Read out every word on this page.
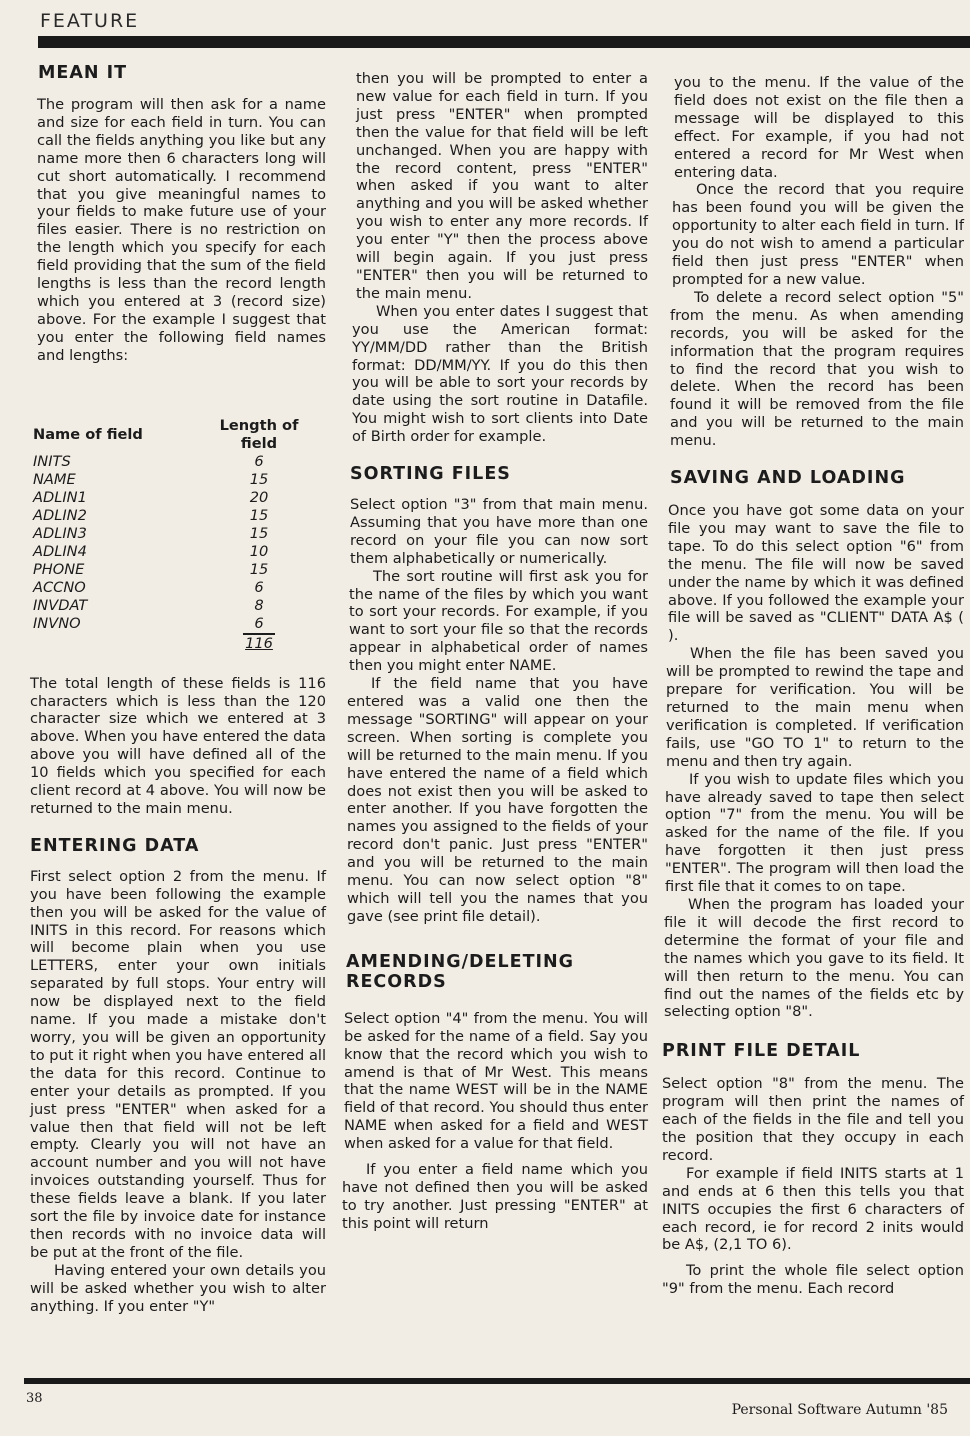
FEATURE
MEAN IT

The program will then ask for a name and size for each field in turn. You can call the fields anything you like but any name more then 6 characters long will cut short automatically. I recommend that you give meaningful names to your fields to make future use of your files easier. There is no restriction on the length which you specify for each field providing that the sum of the field lengths is less than the record length which you entered at 3 (record size) above. For the example I suggest that you enter the following field names and lengths:

Name of field	Length of field
INITS	6
NAME	15
ADLIN1	20
ADLIN2	15
ADLIN3	15
ADLIN4	10
PHONE	15
ACCNO	6
INVDAT	8
INVNO	6
	116

The total length of these fields is 116 characters which is less than the 120 character size which we entered at 3 above. When you have entered the data above you will have defined all of the 10 fields which you specified for each client record at 4 above. You will now be returned to the main menu.

ENTERING DATA

First select option 2 from the menu. If you have been following the example then you will be asked for the value of INITS in this record. For reasons which will become plain when you use LETTERS, enter your own initials separated by full stops. Your entry will now be displayed next to the field name. If you made a mistake don't worry, you will be given an opportunity to put it right when you have entered all the data for this record. Continue to enter your details as prompted. If you just press "ENTER" when asked for a value then that field will not be left empty. Clearly you will not have an account number and you will not have invoices outstanding yourself. Thus for these fields leave a blank. If you later sort the file by invoice date for instance then records with no invoice data will be put at the front of the file.

Having entered your own details you will be asked whether you wish to alter anything. If you enter "Y"

then you will be prompted to enter a new value for each field in turn. If you just press "ENTER" when prompted then the value for that field will be left unchanged. When you are happy with the record content, press "ENTER" when asked if you want to alter anything and you will be asked whether you wish to enter any more records. If you enter "Y" then the process above will begin again. If you just press "ENTER" then you will be returned to the main menu.

When you enter dates I suggest that you use the American format: YY/MM/DD rather than the British format: DD/MM/YY. If you do this then you will be able to sort your records by date using the sort routine in Datafile. You might wish to sort clients into Date of Birth order for example.

SORTING FILES

Select option "3" from that main menu. Assuming that you have more than one record on your file you can now sort them alphabetically or numerically.

The sort routine will first ask you for the name of the files by which you want to sort your records. For example, if you want to sort your file so that the records appear in alphabetical order of names then you might enter NAME.

If the field name that you have entered was a valid one then the message "SORTING" will appear on your screen. When sorting is complete you will be returned to the main menu. If you have entered the name of a field which does not exist then you will be asked to enter another. If you have forgotten the names you assigned to the fields of your record don't panic. Just press "ENTER" and you will be returned to the main menu. You can now select option "8" which will tell you the names that you gave (see print file detail).

AMENDING/DELETING RECORDS

Select option "4" from the menu. You will be asked for the name of a field. Say you know that the record which you wish to amend is that of Mr West. This means that the name WEST will be in the NAME field of that record. You should thus enter NAME when asked for a field and WEST when asked for a value for that field.

If you enter a field name which you have not defined then you will be asked to try another. Just pressing "ENTER" at this point will return

you to the menu. If the value of the field does not exist on the file then a message will be displayed to this effect. For example, if you had not entered a record for Mr West when entering data.

Once the record that you require has been found you will be given the opportunity to alter each field in turn. If you do not wish to amend a particular field then just press "ENTER" when prompted for a new value.

To delete a record select option "5" from the menu. As when amending records, you will be asked for the information that the program requires to find the record that you wish to delete. When the record has been found it will be removed from the file and you will be returned to the main menu.

SAVING AND LOADING

Once you have got some data on your file you may want to save the file to tape. To do this select option "6" from the menu. The file will now be saved under the name by which it was defined above. If you followed the example your file will be saved as "CLIENT" DATA A$ ( ).

When the file has been saved you will be prompted to rewind the tape and prepare for verification. You will be returned to the main menu when verification is completed. If verification fails, use "GO TO 1" to return to the menu and then try again.

If you wish to update files which you have already saved to tape then select option "7" from the menu. You will be asked for the name of the file. If you have forgotten it then just press "ENTER". The program will then load the first file that it comes to on tape.

When the program has loaded your file it will decode the first record to determine the format of your file and the names which you gave to its field. It will then return to the menu. You can find out the names of the fields etc by selecting option "8".

PRINT FILE DETAIL

Select option "8" from the menu. The program will then print the names of each of the fields in the file and tell you the position that they occupy in each record.

For example if field INITS starts at 1 and ends at 6 then this tells you that INITS occupies the first 6 characters of each record, ie for record 2 inits would be A$, (2,1 TO 6).

To print the whole file select option "9" from the menu. Each record

38
Personal Software Autumn '85
